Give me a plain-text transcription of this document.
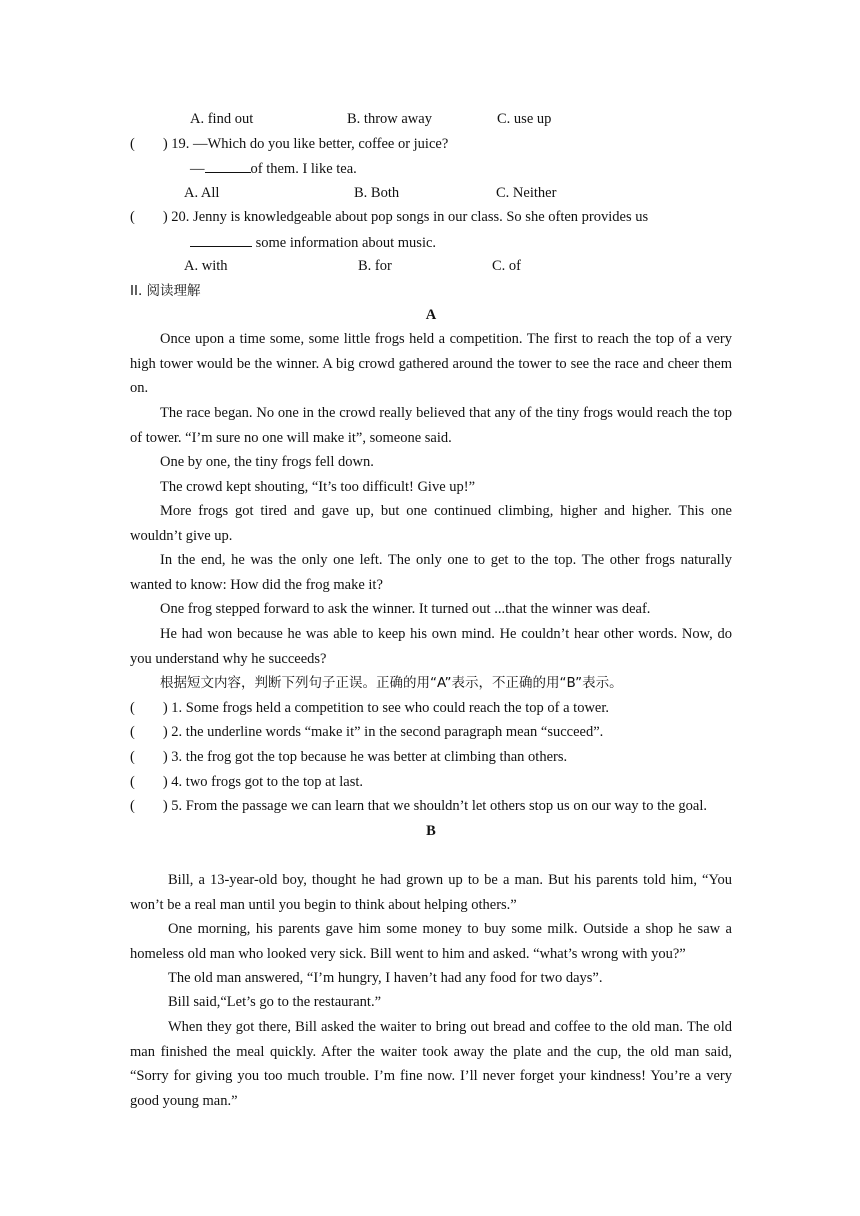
A. find out	B. throw away	C. use up
( ) 19. —Which do you like better, coffee or juice?
—	of them. I like tea.
A. All	B. Both	C. Neither
( ) 20. Jenny is knowledgeable about pop songs in our class. So she often provides us
some information about music.
A. with	B. for	C. of
II. 阅读理解
A
Once upon a time some, some little frogs held a competition. The first to reach the top of a very high tower would be the winner. A big crowd gathered around the tower to see the race and cheer them on.
The race began. No one in the crowd really believed that any of the tiny frogs would reach the top of tower. “I’m sure no one will make it”, someone said.
One by one, the tiny frogs fell down.
The crowd kept shouting, “It’s too difficult! Give up!”
More frogs got tired and gave up, but one continued climbing, higher and higher. This one wouldn’t give up.
In the end, he was the only one left. The only one to get to the top. The other frogs naturally wanted to know: How did the frog make it?
One frog stepped forward to ask the winner. It turned out ...that the winner was deaf.
He had won because he was able to keep his own mind. He couldn’t hear other words. Now, do you understand why he succeeds?
根据短文内容，判断下列句子正误。正确的用“A”表示，不正确的用“B”表示。
( ) 1. Some frogs held a competition to see who could reach the top of a tower.
( ) 2. the underline words “make it” in the second paragraph mean “succeed”.
( ) 3. the frog got the top because he was better at climbing than others.
( ) 4. two frogs got to the top at last.
( ) 5. From the passage we can learn that we shouldn’t let others stop us on our way to the goal.
B
Bill, a 13-year-old boy, thought he had grown up to be a man. But his parents told him, “You won’t be a real man until you begin to think about helping others.”
One morning, his parents gave him some money to buy some milk. Outside a shop he saw a homeless old man who looked very sick. Bill went to him and asked. “what’s wrong with you?”
The old man answered, “I’m hungry, I haven’t had any food for two days”.
Bill said,“Let’s go to the restaurant.”
When they got there, Bill asked the waiter to bring out bread and coffee to the old man. The old man finished the meal quickly. After the waiter took away the plate and the cup, the old man said, “Sorry for giving you too much trouble. I’m fine now. I’ll never forget your kindness! You’re a very good young man.”
